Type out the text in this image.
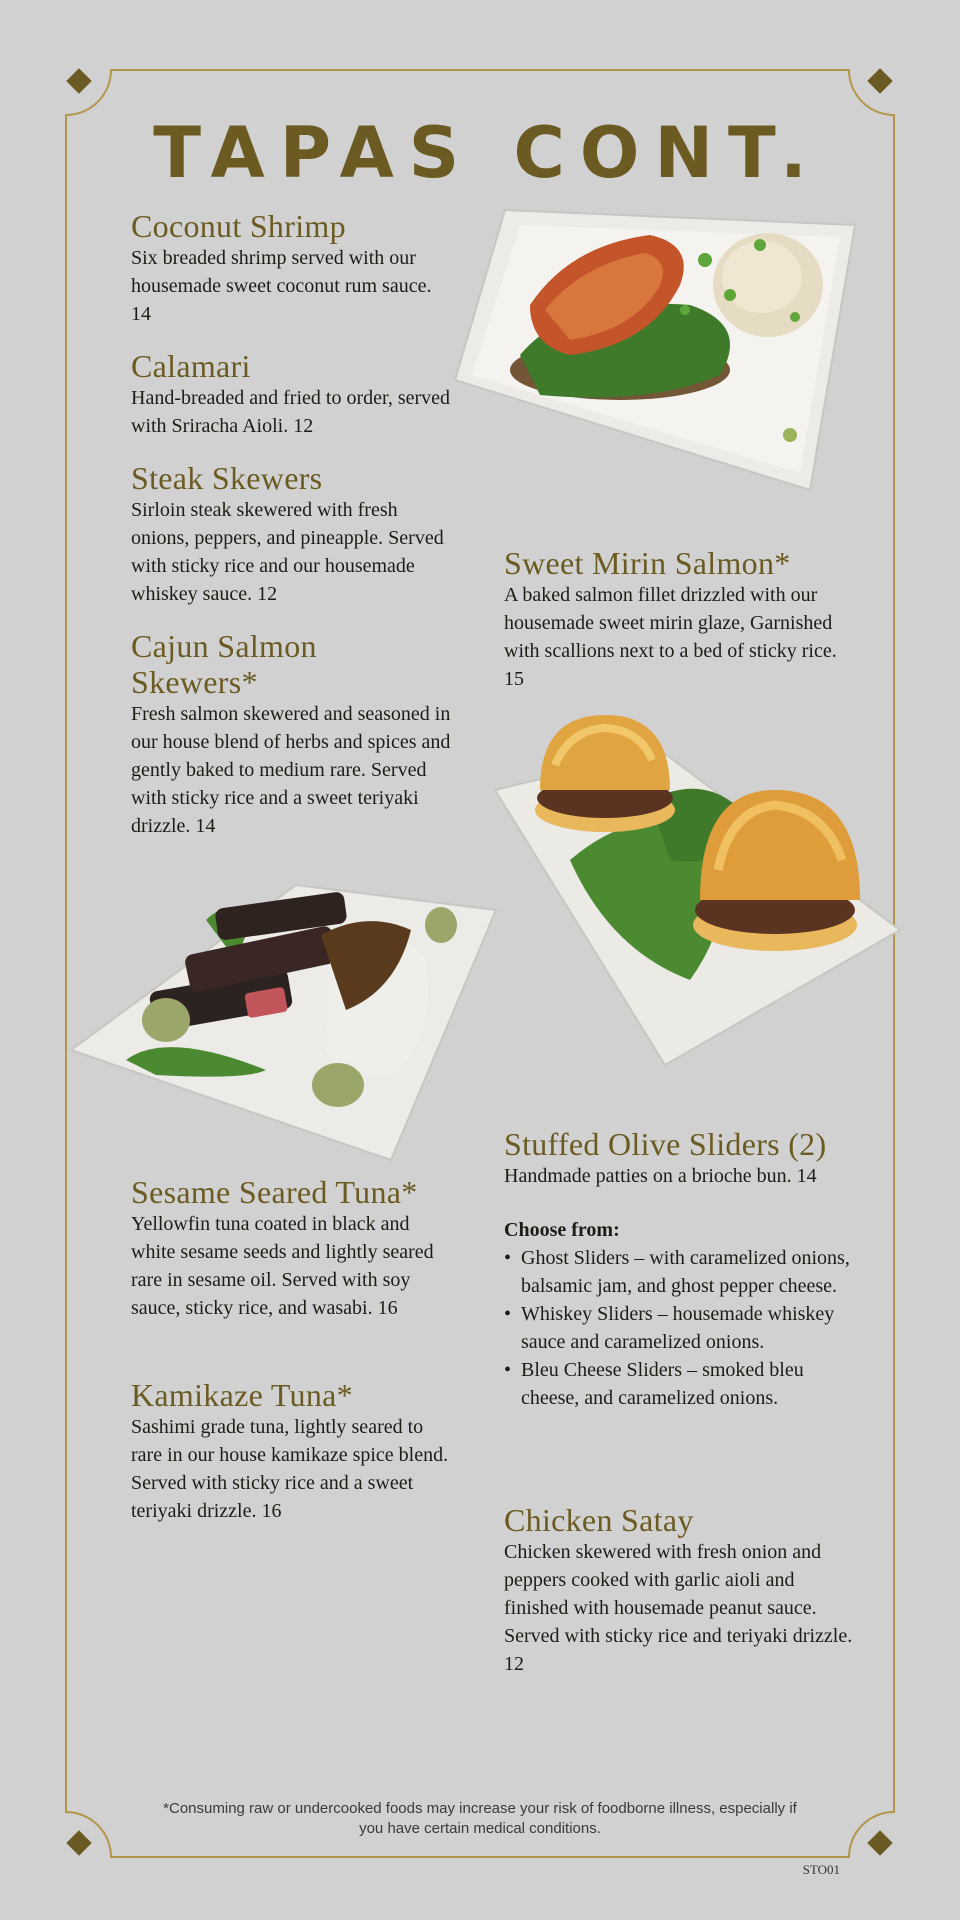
TAPAS CONT.
Coconut Shrimp

Six breaded shrimp served with our housemade sweet coconut rum sauce. 14

Calamari

Hand-breaded and fried to order, served with Sriracha Aioli. 12

Steak Skewers

Sirloin steak skewered with fresh onions, peppers, and pineapple. Served with sticky rice and our housemade whiskey sauce. 12

Cajun Salmon Skewers*

Fresh salmon skewered and seasoned in our house blend of herbs and spices and gently baked to medium rare. Served with sticky rice and a sweet teriyaki drizzle. 14

Sesame Seared Tuna*

Yellowfin tuna coated in black and white sesame seeds and lightly seared rare in sesame oil. Served with soy sauce, sticky rice, and wasabi. 16

Kamikaze Tuna*

Sashimi grade tuna, lightly seared to rare in our house kamikaze spice blend. Served with sticky rice and a sweet teriyaki drizzle. 16

Sweet Mirin Salmon*

A baked salmon fillet drizzled with our housemade sweet mirin glaze, Garnished with scallions next to a bed of sticky rice. 15

Stuffed Olive Sliders (2)

Handmade patties on a brioche bun. 14

Choose from:
• Ghost Sliders – with caramelized onions, balsamic jam, and ghost pepper cheese.
• Whiskey Sliders – housemade whiskey sauce and caramelized onions.
• Bleu Cheese Sliders – smoked bleu cheese, and caramelized onions.
Chicken Satay

Chicken skewered with fresh onion and peppers cooked with garlic aioli and finished with housemade peanut sauce. Served with sticky rice and teriyaki drizzle. 12

*Consuming raw or undercooked foods may increase your risk of foodborne illness, especially if you have certain medical conditions.
STO01
